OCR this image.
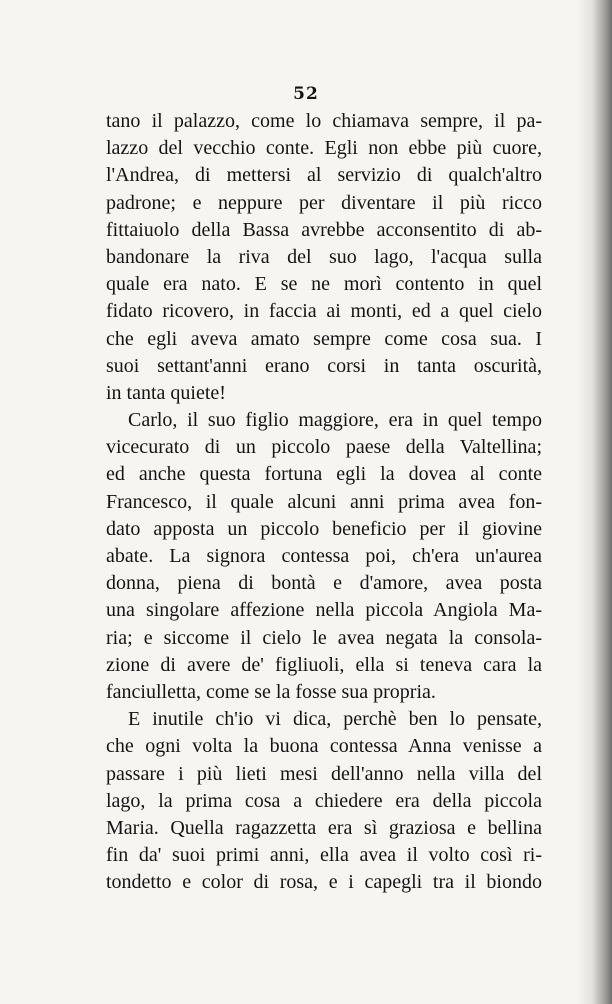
52
tano il palazzo, come lo chiamava sempre, il pa-
lazzo del vecchio conte. Egli non ebbe più cuore,
l'Andrea, di mettersi al servizio di qualch'altro
padrone; e neppure per diventare il più ricco
fittaiuolo della Bassa avrebbe acconsentito di ab-
bandonare la riva del suo lago, l'acqua sulla
quale era nato. E se ne morì contento in quel
fidato ricovero, in faccia ai monti, ed a quel cielo
che egli aveva amato sempre come cosa sua. I
suoi settant'anni erano corsi in tanta oscurità,
in tanta quiete!
Carlo, il suo figlio maggiore, era in quel tempo
vicecurato di un piccolo paese della Valtellina;
ed anche questa fortuna egli la dovea al conte
Francesco, il quale alcuni anni prima avea fon-
dato apposta un piccolo beneficio per il giovine
abate. La signora contessa poi, ch'era un'aurea
donna, piena di bontà e d'amore, avea posta
una singolare affezione nella piccola Angiola Ma-
ria; e siccome il cielo le avea negata la consola-
zione di avere de' figliuoli, ella si teneva cara la
fanciulletta, come se la fosse sua propria.
E inutile ch'io vi dica, perchè ben lo pensate,
che ogni volta la buona contessa Anna venisse a
passare i più lieti mesi dell'anno nella villa del
lago, la prima cosa a chiedere era della piccola
Maria. Quella ragazzetta era sì graziosa e bellina
fin da' suoi primi anni, ella avea il volto così ri-
tondetto e color di rosa, e i capegli tra il biondo
